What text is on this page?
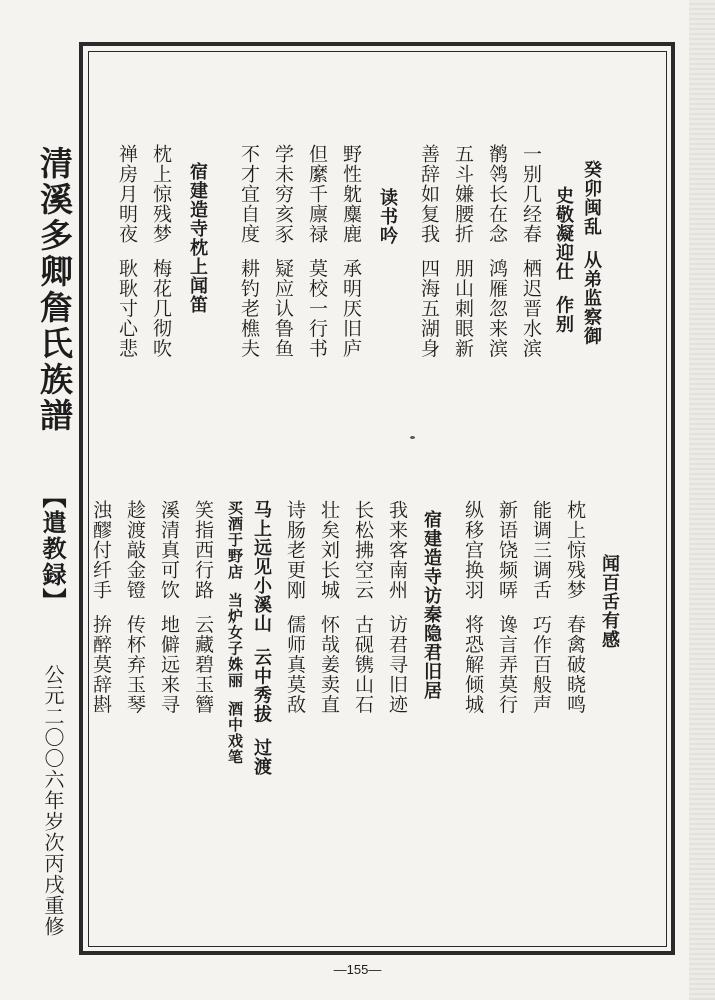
清溪多卿詹氏族譜
【遣教録】
公元二〇〇六年岁次丙戌重修
癸卯闽乱  从弟监察御
史敬凝迎仕  作别
一别几经春  栖迟晋水滨
鹡鸰长在念  鸿雁忽来滨
五斗嫌腰折  朋山刺眼新
善辞如复我  四海五湖身
读书吟
野性躭麋鹿  承明厌旧庐
但縻千廪禄  莫校一行书
学未穷亥豕  疑应认鲁鱼
不才宜自度  耕钓老樵夫
宿建造寺枕上闻笛
枕上惊残梦  梅花几彻吹
禅房月明夜  耿耿寸心悲
闻百舌有感
枕上惊残梦  春禽破晓鸣
能调三调舌  巧作百般声
新语饶频哢  谗言弄莫行
纵移宫换羽  将恐解倾城
宿建造寺访秦隐君旧居
我来客南州  访君寻旧迹
长松拂空云  古砚镌山石
壮矣刘长城  怀哉姜卖直
诗肠老更刚  儒师真莫敌
马上远见小溪山  云中秀拔  过渡
买酒于野店  当炉女子姝丽  酒中戏笔
笑指西行路  云藏碧玉簪
溪清真可饮  地僻远来寻
趁渡敲金镫  传杯弃玉琴
浊醪付纤手  拚醉莫辞斟
—155—
